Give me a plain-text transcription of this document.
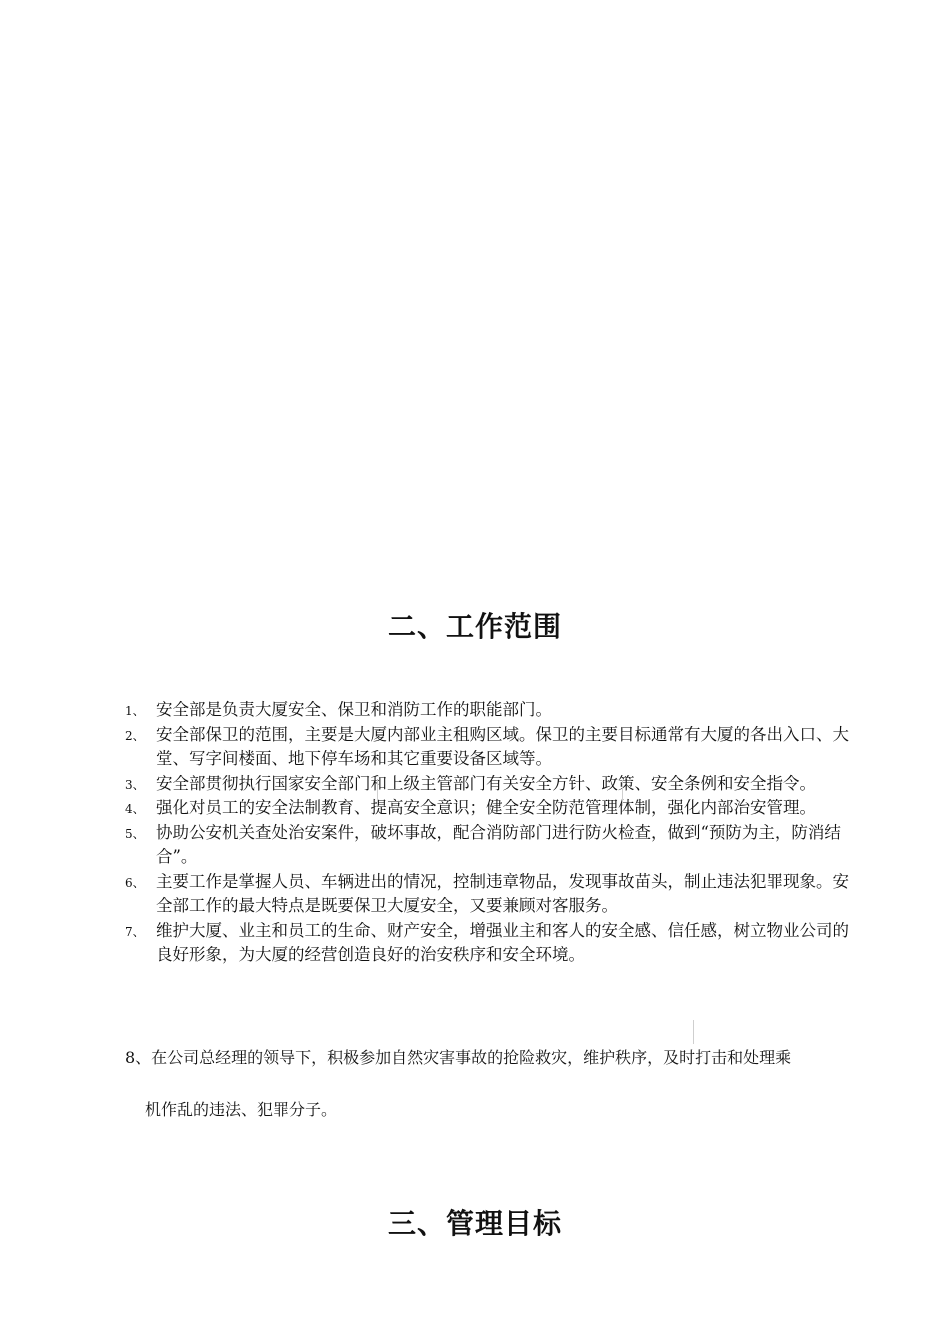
二、工作范围
1、 安全部是负责大厦安全、保卫和消防工作的职能部门。
2、 安全部保卫的范围，主要是大厦内部业主租购区域。保卫的主要目标通常有大厦的各出入口、大堂、写字间楼面、地下停车场和其它重要设备区域等。
3、 安全部贯彻执行国家安全部门和上级主管部门有关安全方针、政策、安全条例和安全指令。
4、 强化对员工的安全法制教育、提高安全意识；健全安全防范管理体制，强化内部治安管理。
5、 协助公安机关查处治安案件，破坏事故，配合消防部门进行防火检查，做到“预防为主，防消结合”。
6、 主要工作是掌握人员、车辆进出的情况，控制违章物品，发现事故苗头，制止违法犯罪现象。安全部工作的最大特点是既要保卫大厦安全，又要兼顾对客服务。
7、 维护大厦、业主和员工的生命、财产安全，增强业主和客人的安全感、信任感，树立物业公司的良好形象，为大厦的经营创造良好的治安秩序和安全环境。
8、在公司总经理的领导下，积极参加自然灾害事故的抢险救灾，维护秩序，及时打击和处理乘
机作乱的违法、犯罪分子。
三、管理目标
